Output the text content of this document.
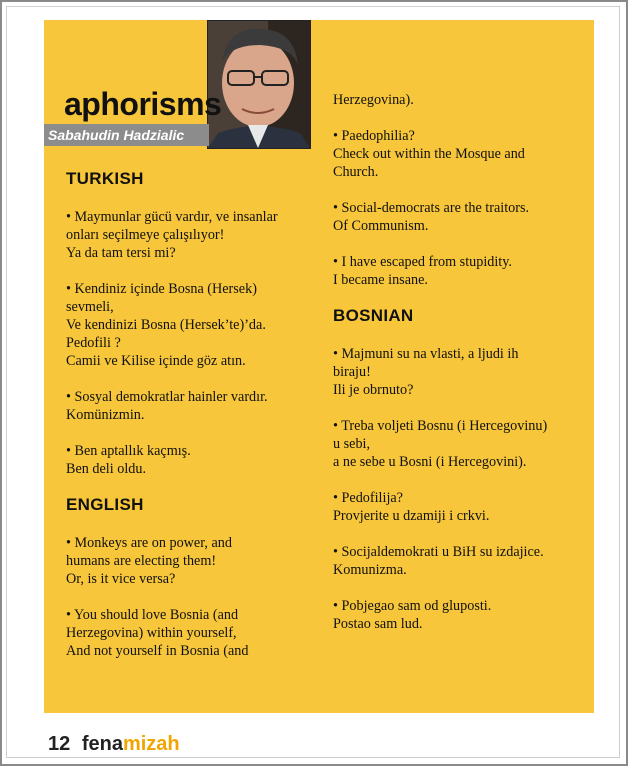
aphorisms
Sabahudin Hadzialic
TURKISH
• Maymunlar gücü vardır, ve insanlar
onları seçilmeye çalışılıyor!
Ya da tam tersi mi?
• Kendiniz içinde Bosna (Hersek)
sevmeli,
Ve kendinizi Bosna (Hersek’te)’da.
Pedofili ?
Camii ve Kilise içinde göz atın.
• Sosyal demokratlar hainler vardır.
Komünizmin.
• Ben aptallık kaçmış.
Ben deli oldu.
ENGLISH
• Monkeys are on power, and
humans are electing them!
Or, is it vice versa?
• You should love Bosnia (and
Herzegovina) within yourself,
And not yourself in Bosnia (and
Herzegovina).
• Paedophilia?
Check out within the Mosque and
Church.
• Social-democrats are the traitors.
Of Communism.
• I have escaped from stupidity.
I became insane.
BOSNIAN
• Majmuni su na vlasti, a ljudi ih
biraju!
Ili je obrnuto?
• Treba voljeti Bosnu (i Hercegovinu)
u sebi,
a ne sebe u Bosni (i Hercegovini).
• Pedofilija?
Provjerite u dzamiji i crkvi.
• Socijaldemokrati u BiH su izdajice.
Komunizma.
• Pobjegao sam od gluposti.
Postao sam lud.
12 fenamizah
